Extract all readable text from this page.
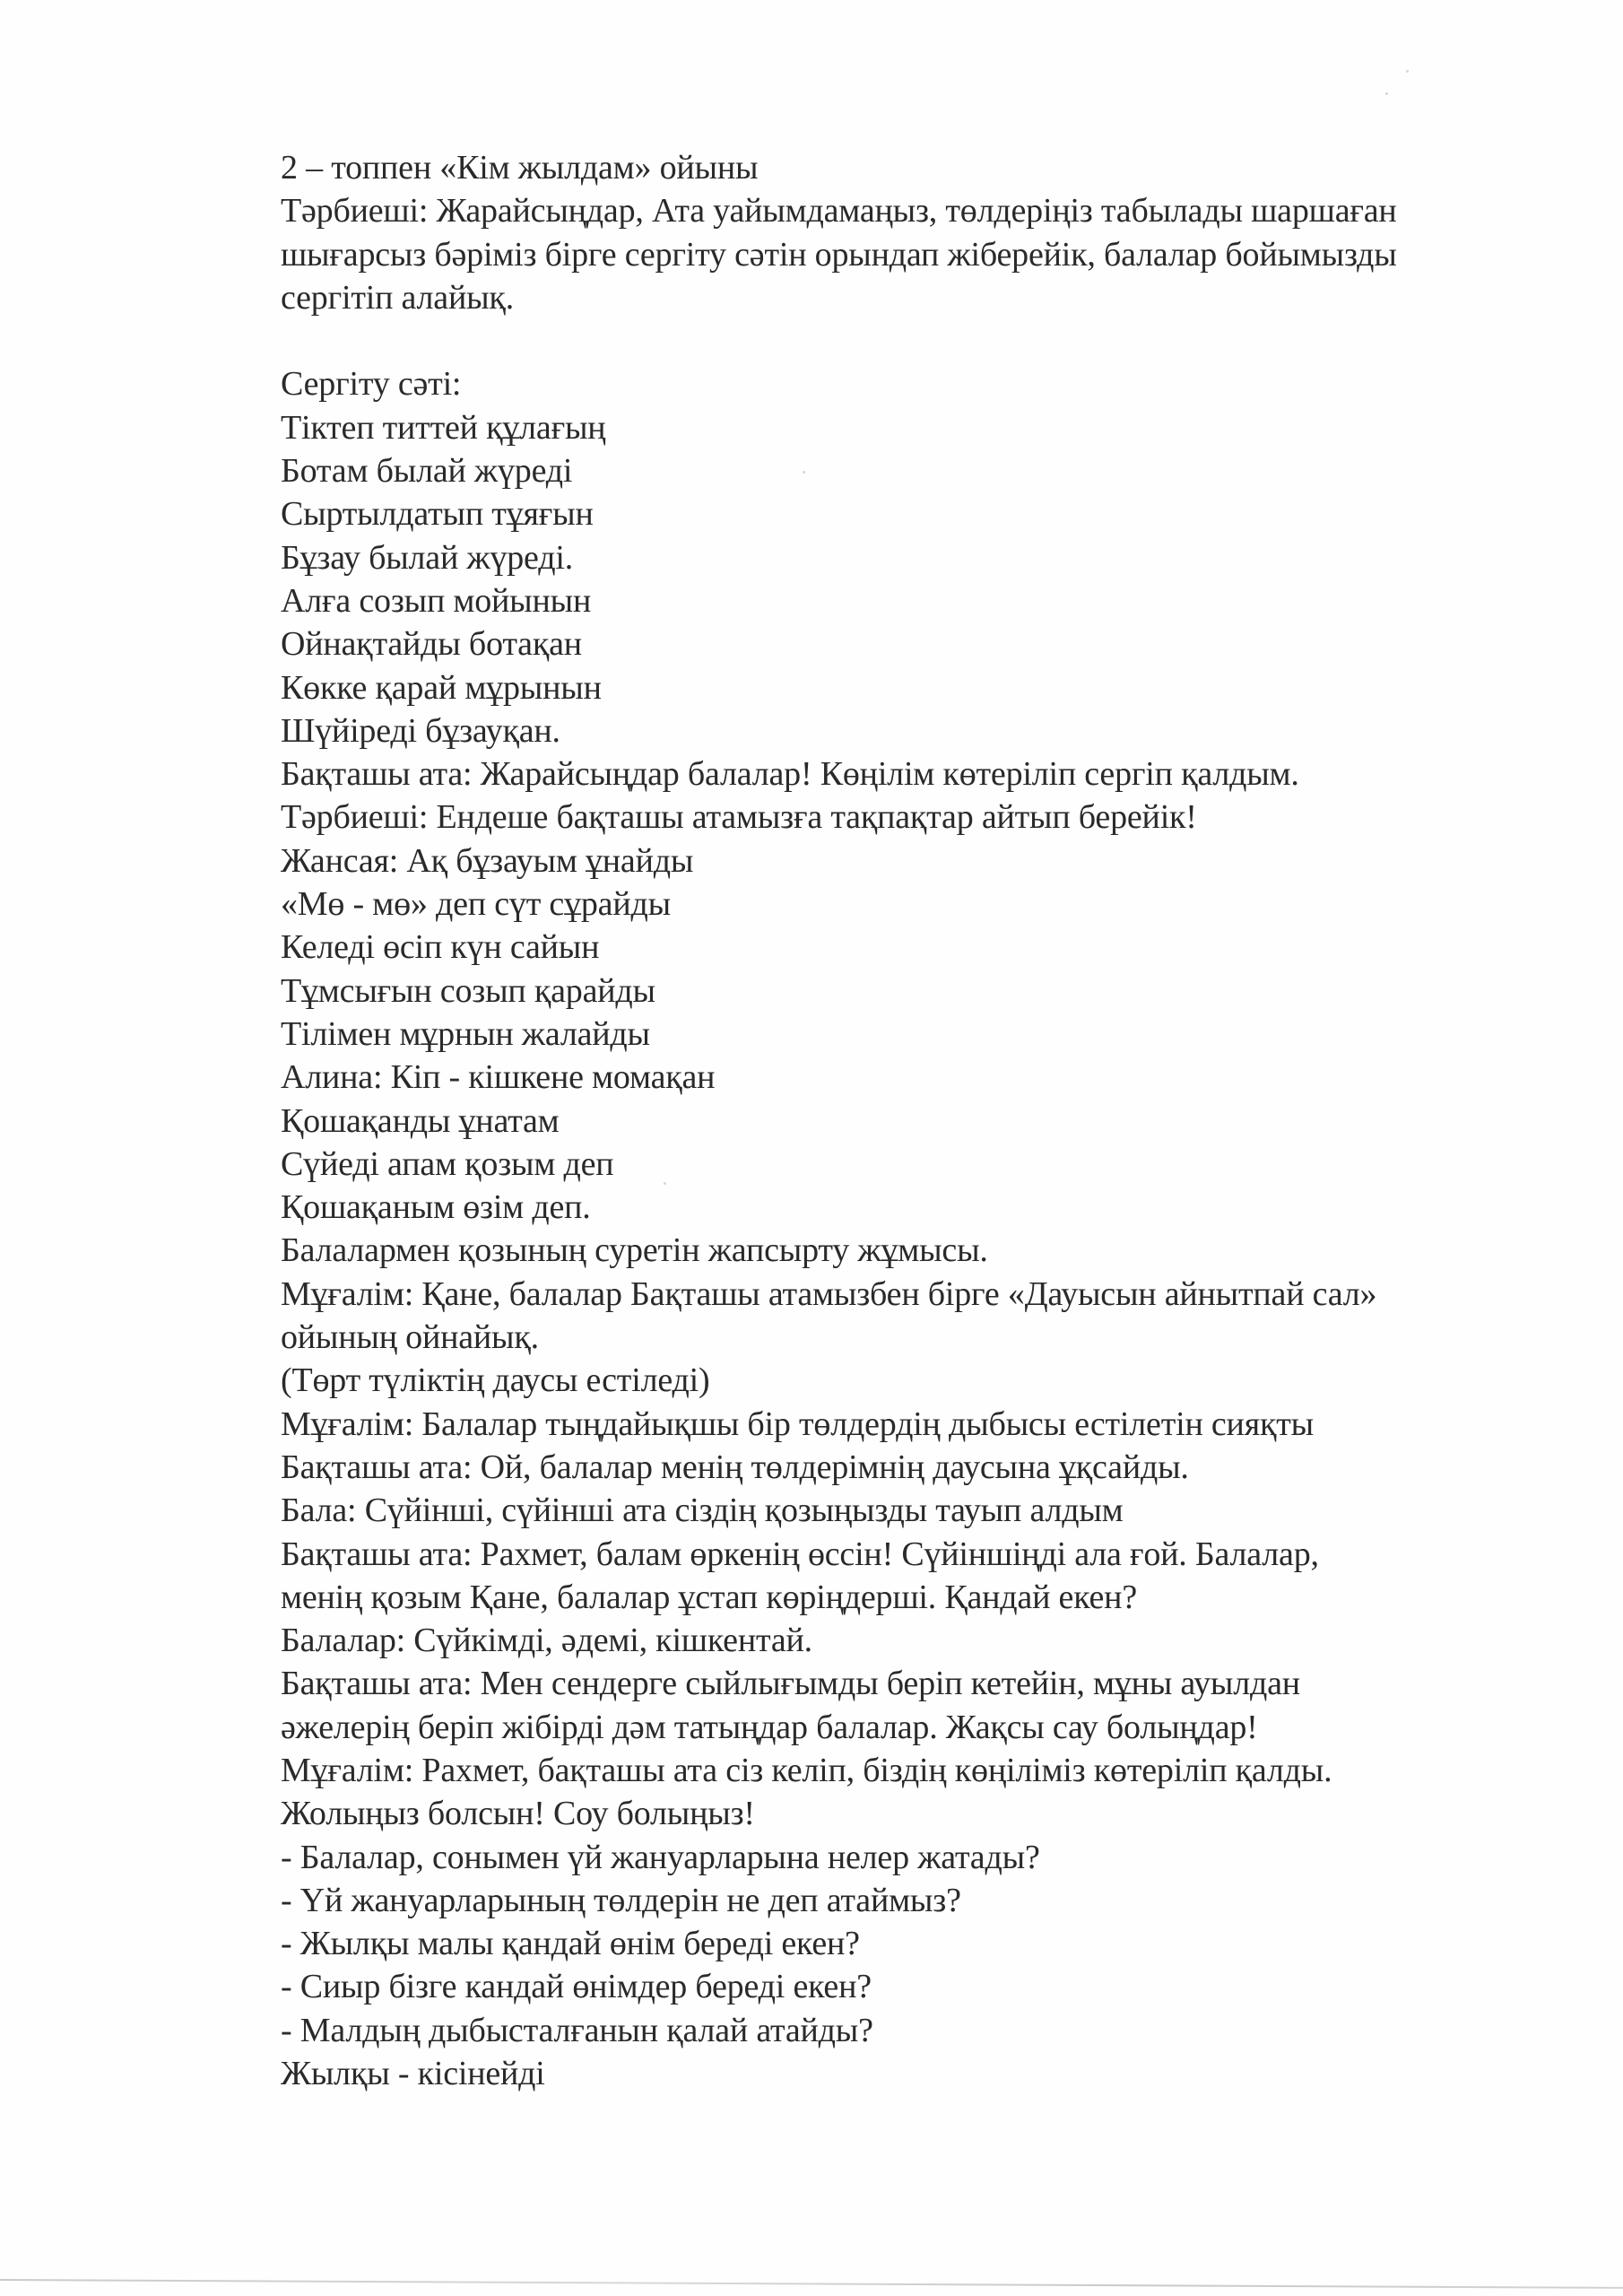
2 – топпен «Кім жылдам» ойыны
Тәрбиеші: Жарайсыңдар, Ата уайымдамаңыз, төлдеріңіз табылады шаршаған
шығарсыз бәріміз бірге сергіту сәтін орындап жіберейік, балалар бойымызды
сергітіп алайық.
Сергіту сәті:
Тіктеп титтей құлағың
Ботам былай жүреді
Сыртылдатып тұяғын
Бұзау былай жүреді.
Алға созып мойынын
Ойнақтайды ботақан
Көкке қарай мұрынын
Шүйіреді бұзауқан.
Бақташы ата: Жарайсыңдар балалар! Көңілім көтеріліп сергіп қалдым.
Тәрбиеші: Ендеше бақташы атамызға тақпақтар айтып берейік!
Жансая: Ақ бұзауым ұнайды
«Мө - мө» деп сүт сұрайды
Келеді өсіп күн сайын
Тұмсығын созып қарайды
Тілімен мұрнын жалайды
Алина: Кіп - кішкене момақан
Қошақанды ұнатам
Сүйеді апам қозым деп
Қошақаным өзім деп.
Балалармен қозының суретін жапсырту жұмысы.
Мұғалім: Қане, балалар Бақташы атамызбен бірге «Дауысын айнытпай сал»
ойының ойнайық.
(Төрт түліктің даусы естіледі)
Мұғалім: Балалар тыңдайықшы бір төлдердің дыбысы естілетін сияқты
Бақташы ата: Ой, балалар менің төлдерімнің даусына ұқсайды.
Бала: Сүйінші, сүйінші ата сіздің қозыңызды тауып алдым
Бақташы ата: Рахмет, балам өркенің өссін! Сүйіншіңді ала ғой. Балалар,
менің қозым Қане, балалар ұстап көріңдерші. Қандай екен?
Балалар: Сүйкімді, әдемі, кішкентай.
Бақташы ата: Мен сендерге сыйлығымды беріп кетейін, мұны ауылдан
әжелерің беріп жібірді дәм татыңдар балалар. Жақсы сау болыңдар!
Мұғалім: Рахмет, бақташы ата сіз келіп, біздің көңіліміз көтеріліп қалды.
Жолыңыз болсын! Соу болыңыз!
- Балалар, сонымен үй жануарларына нелер жатады?
- Үй жануарларының төлдерін не деп атаймыз?
- Жылқы малы қандай өнім береді екен?
- Сиыр бізге кандай өнімдер береді екен?
- Малдың дыбысталғанын қалай атайды?
Жылқы - кісінейді
